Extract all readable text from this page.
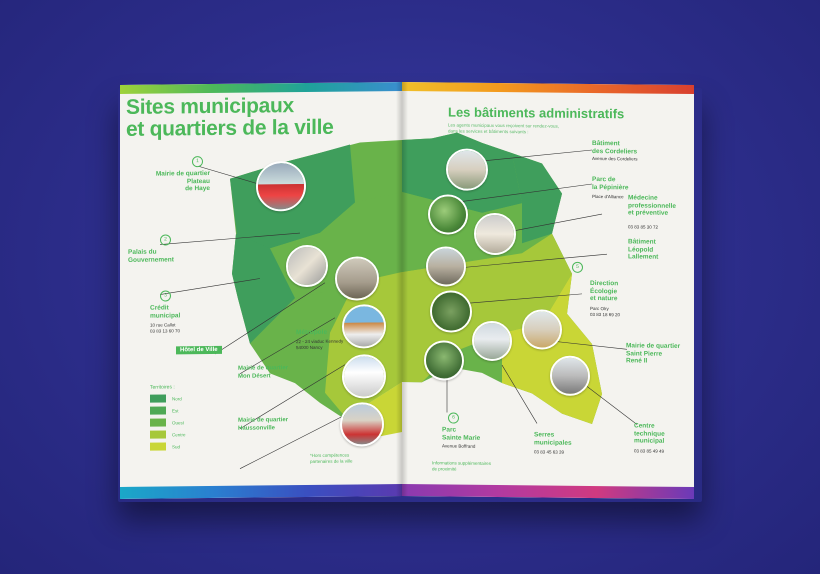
Sites municipaux
et quartiers de la ville
1
Mairie de quartier
Plateau
de Haye
2
Palais du
Gouvernement
3
Crédit
municipal
10 rue Callot
03 83 13 60 70
Hôtel de Ville
Métropole
22 - 24 viaduc Kennedy
54000 Nancy
Mairie de quartier
Mon Désert
Mairie de quartier
Haussonville
Territoires :
Nord
Est
Ouest
Centre
Sud
*Hors compétences
partenaires de la ville
Les bâtiments administratifs
Les agents municipaux vous reçoivent sur rendez-vous, dans les services et bâtiments suivants :
Bâtiment
des Cordeliers
Avenue des Cordeliers
Parc de
la Pépinière
Place d'Alliance Médecine
professionnelle
et préventive
03 83 85 30 72
Bâtiment
Léopold
Lallement
5
Direction
Écologie
et nature
Parc Olry
03 83 18 69 20
Mairie de quartier
Saint Pierre
René II
6
Parc
Sainte Marie
Avenue Boffrand
Serres
municipales
03 83 45 63 39
Centre
technique
municipal
03 83 85 49 49
Informations supplémentaires
de proximité
